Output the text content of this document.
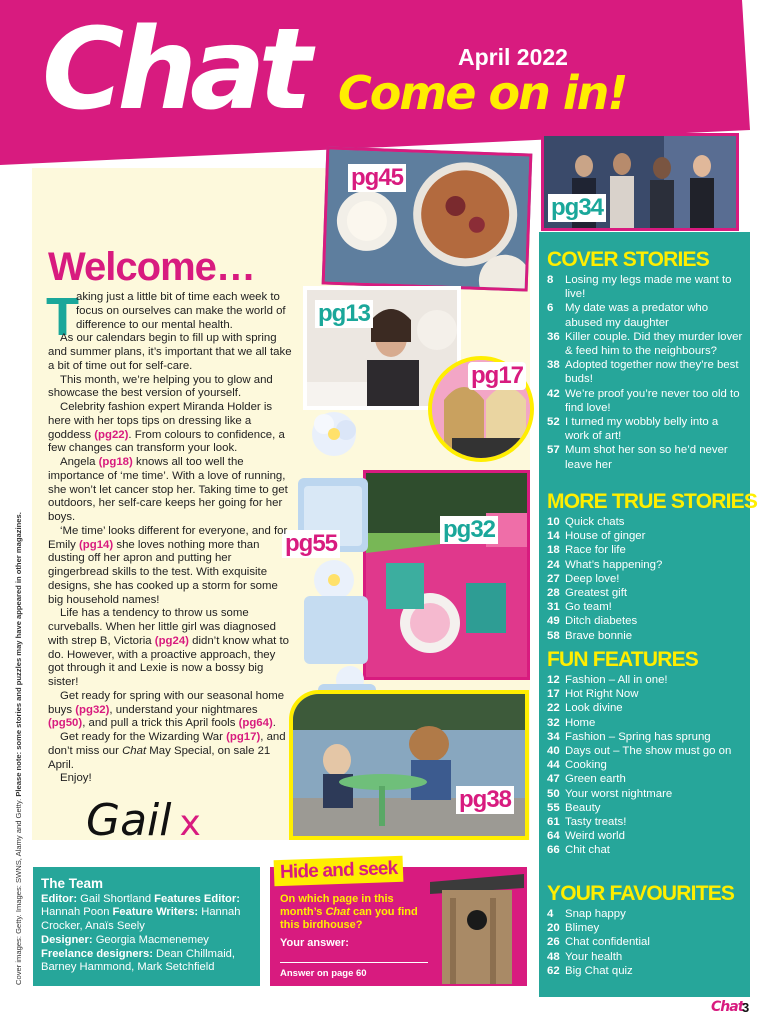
Chat	April 2022
Come on in!
pg45
pg34
pg13
pg17
pg32
pg55
pg38
Welcome…
T

aking just a little bit of time each week to focus on ourselves can make the world of difference to our mental health.

As our calendars begin to fill up with spring and summer plans, it’s important that we all take a bit of time out for self-care.

This month, we’re helping you to glow and showcase the best version of yourself.

Celebrity fashion expert Miranda Holder is here with her tops tips on dressing like a goddess (pg22). From colours to confidence, a few changes can transform your look.

Angela (pg18) knows all too well the importance of ‘me time’. With a love of running, she won’t let cancer stop her. Taking time to get outdoors, her self-care keeps her going for her boys.

‘Me time’ looks different for everyone, and for Emily (pg14) she loves nothing more than dusting off her apron and putting her gingerbread skills to the test. With exquisite designs, she has cooked up a storm for some big household names!

Life has a tendency to throw us some curveballs. When her little girl was diagnosed with strep B, Victoria (pg24) didn’t know what to do. However, with a proactive approach, they got through it and Lexie is now a bossy big sister!

Get ready for spring with our seasonal home buys (pg32), understand your nightmares (pg50), and pull a trick this April fools (pg64).

Get ready for the Wizarding War (pg17), and don’t miss our Chat May Special, on sale 21 April.

Enjoy!

Gail x
COVER STORIES
8	Losing my legs made me want to live!
6	My date was a predator who abused my daughter
36 Killer couple. Did they murder lover & feed him to the neighbours?
38 Adopted together now they’re best buds!
42 We’re proof you’re never too old to find love!
52 I turned my wobbly belly into a work of art!
57 Mum shot her son so he’d never leave her
MORE TRUE STORIES
10 Quick chats
14 House of ginger
18 Race for life
24 What’s happening?
27 Deep love!
28 Greatest gift
31 Go team!
49 Ditch diabetes
58 Brave bonnie
FUN FEATURES
12 Fashion – All in one!
17 Hot Right Now
22 Look divine
32 Home
34 Fashion – Spring has sprung
40 Days out – The show must go on
44 Cooking
47 Green earth
50 Your worst nightmare
55 Beauty
61 Tasty treats!
64 Weird world
66 Chit chat
YOUR FAVOURITES
4	Snap happy
20 Blimey
26 Chat confidential
48 Your health
62 Big Chat quiz
The Team
Editor: Gail Shortland Features Editor: Hannah Poon Feature Writers: Hannah Crocker, Anaïs Seely
Designer: Georgia Macmenemey
Freelance designers: Dean Chillmaid, Barney Hammond, Mark Setchfield
Hide and seek
On which page in this month’s Chat can you find this birdhouse?
Your answer:
Answer on page 60
Cover images: Getty. Images: SWNS, Alamy and Getty. Please note: some stories and puzzles may have appeared in other magazines.
Chat
3
